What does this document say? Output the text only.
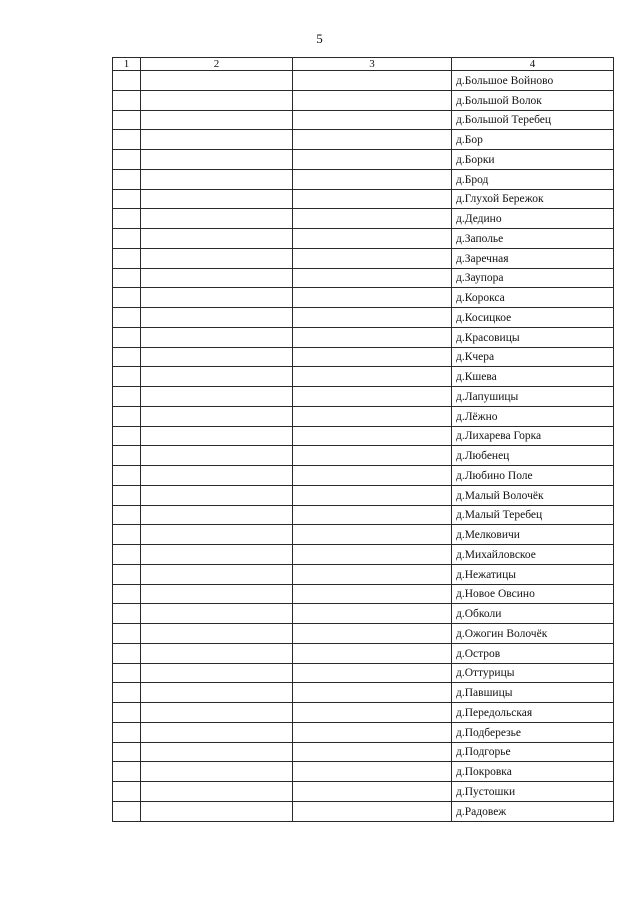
5
1	2	3	4
			д.Большое Войново
			д.Большой Волок
			д.Большой Теребец
			д.Бор
			д.Борки
			д.Брод
			д.Глухой Бережок
			д.Дедино
			д.Заполье
			д.Заречная
			д.Заупора
			д.Корокса
			д.Косицкое
			д.Красовицы
			д.Кчера
			д.Кшева
			д.Лапушицы
			д.Лёжно
			д.Лихарева Горка
			д.Любенец
			д.Любино Поле
			д.Малый Волочёк
			д.Малый Теребец
			д.Мелковичи
			д.Михайловское
			д.Нежатицы
			д.Новое Овсино
			д.Обколи
			д.Ожогин Волочёк
			д.Остров
			д.Оттурицы
			д.Павшицы
			д.Передольская
			д.Подберезье
			д.Подгорье
			д.Покровка
			д.Пустошки
			д.Радовеж
